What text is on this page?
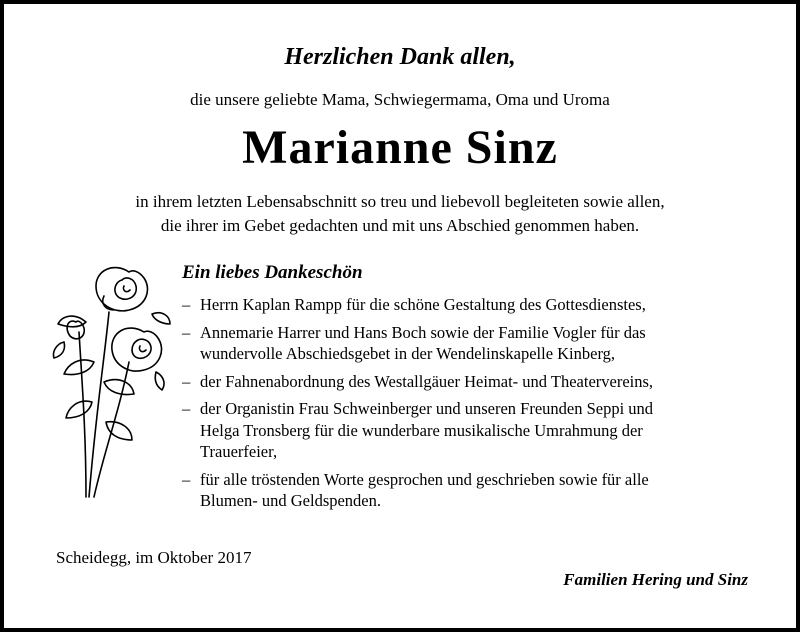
Herzlichen Dank allen,
die unsere geliebte Mama, Schwiegermama, Oma und Uroma
Marianne Sinz
in ihrem letzten Lebensabschnitt so treu und liebevoll begleiteten sowie allen,
die ihrer im Gebet gedachten und mit uns Abschied genommen haben.
Ein liebes Dankeschön
– Herrn Kaplan Rampp für die schöne Gestaltung des Gottesdienstes,
– Annemarie Harrer und Hans Boch sowie der Familie Vogler für das
wundervolle Abschiedsgebet in der Wendelinskapelle Kinberg,
– der Fahnenabordnung des Westallgäuer Heimat- und Theatervereins,
– der Organistin Frau Schweinberger und unseren Freunden Seppi und
Helga Tronsberg für die wunderbare musikalische Umrahmung der
Trauerfeier,
– für alle tröstenden Worte gesprochen und geschrieben sowie für alle
Blumen- und Geldspenden.
Scheidegg, im Oktober 2017
Familien Hering und Sinz
